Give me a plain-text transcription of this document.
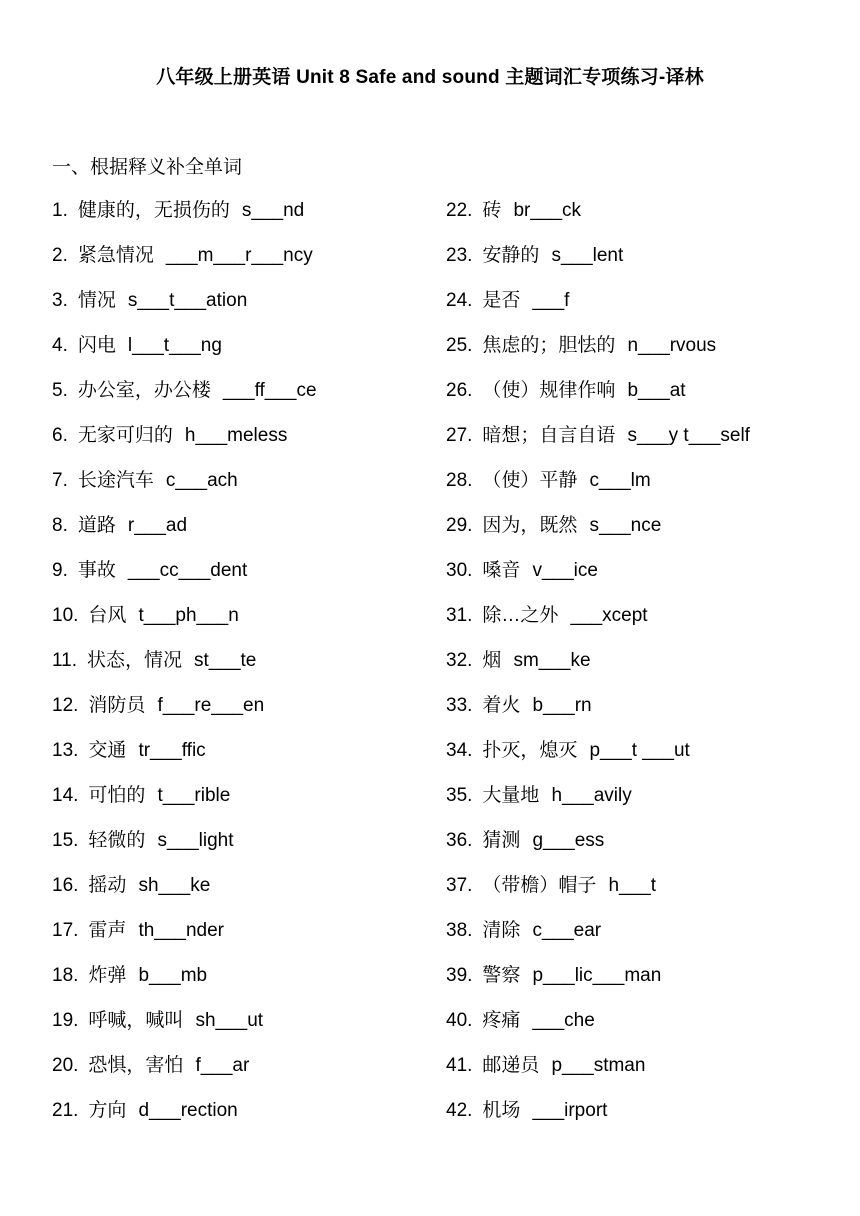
八年级上册英语 Unit 8 Safe and sound 主题词汇专项练习-译林
一、根据释义补全单词
1. 健康的，无损伤的 s___nd
2. 紧急情况 ___m___r___ncy
3. 情况 s___t___ation
4. 闪电 l___t___ng
5. 办公室，办公楼 ___ff___ce
6. 无家可归的 h___meless
7. 长途汽车 c___ach
8. 道路 r___ad
9. 事故 ___cc___dent
10. 台风 t___ph___n
11. 状态，情况 st___te
12. 消防员 f___re___en
13. 交通 tr___ffic
14. 可怕的 t___rible
15. 轻微的 s___light
16. 摇动 sh___ke
17. 雷声 th___nder
18. 炸弹 b___mb
19. 呼喊，喊叫 sh___ut
20. 恐惧，害怕 f___ar
21. 方向 d___rection
22. 砖 br___ck
23. 安静的 s___lent
24. 是否 ___f
25. 焦虑的；胆怯的 n___rvous
26. （使）规律作响 b___at
27. 暗想；自言自语 s___y t___self
28. （使）平静 c___lm
29. 因为，既然 s___nce
30. 嗓音 v___ice
31. 除…之外 ___xcept
32. 烟 sm___ke
33. 着火 b___rn
34. 扑灭，熄灭 p___t ___ut
35. 大量地 h___avily
36. 猜测 g___ess
37. （带檐）帽子 h___t
38. 清除 c___ear
39. 警察 p___lic___man
40. 疼痛 ___che
41. 邮递员 p___stman
42. 机场 ___irport
